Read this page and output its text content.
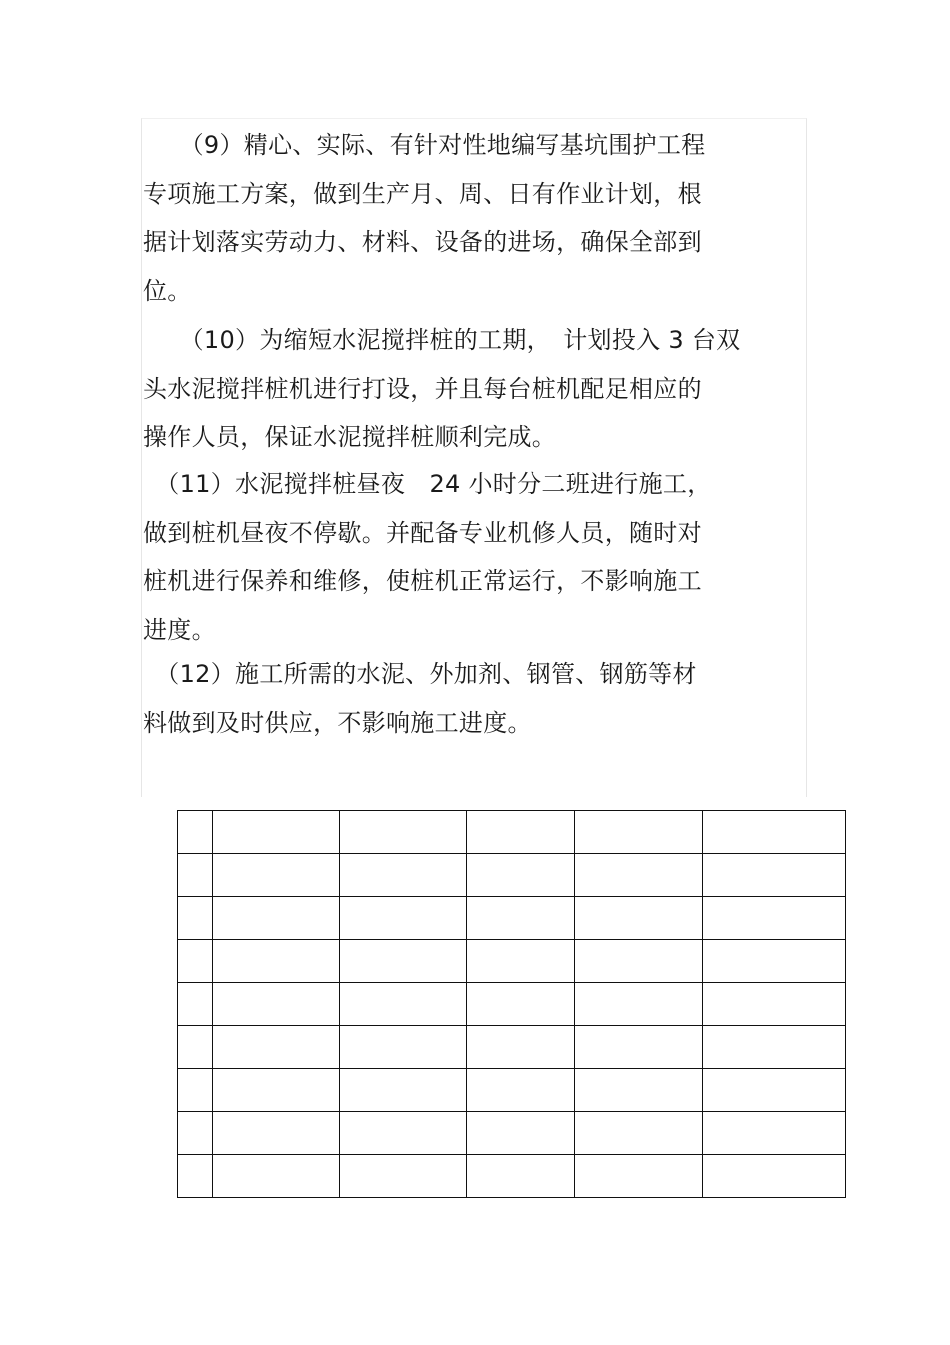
　　（9）精心、实际、有针对性地编写基坑围护工程
专项施工方案，做到生产月、周、日有作业计划，根
据计划落实劳动力、材料、设备的进场，确保全部到
位。

　　（10）为缩短水泥搅拌桩的工期，　计划投入 3 台双
头水泥搅拌桩机进行打设，并且每台桩机配足相应的
操作人员，保证水泥搅拌桩顺利完成。

　（11）水泥搅拌桩昼夜　24 小时分二班进行施工，
做到桩机昼夜不停歇。并配备专业机修人员，随时对
桩机进行保养和维修，使桩机正常运行，不影响施工
进度。

　（12）施工所需的水泥、外加剂、钢管、钢筋等材
料做到及时供应，不影响施工进度。
